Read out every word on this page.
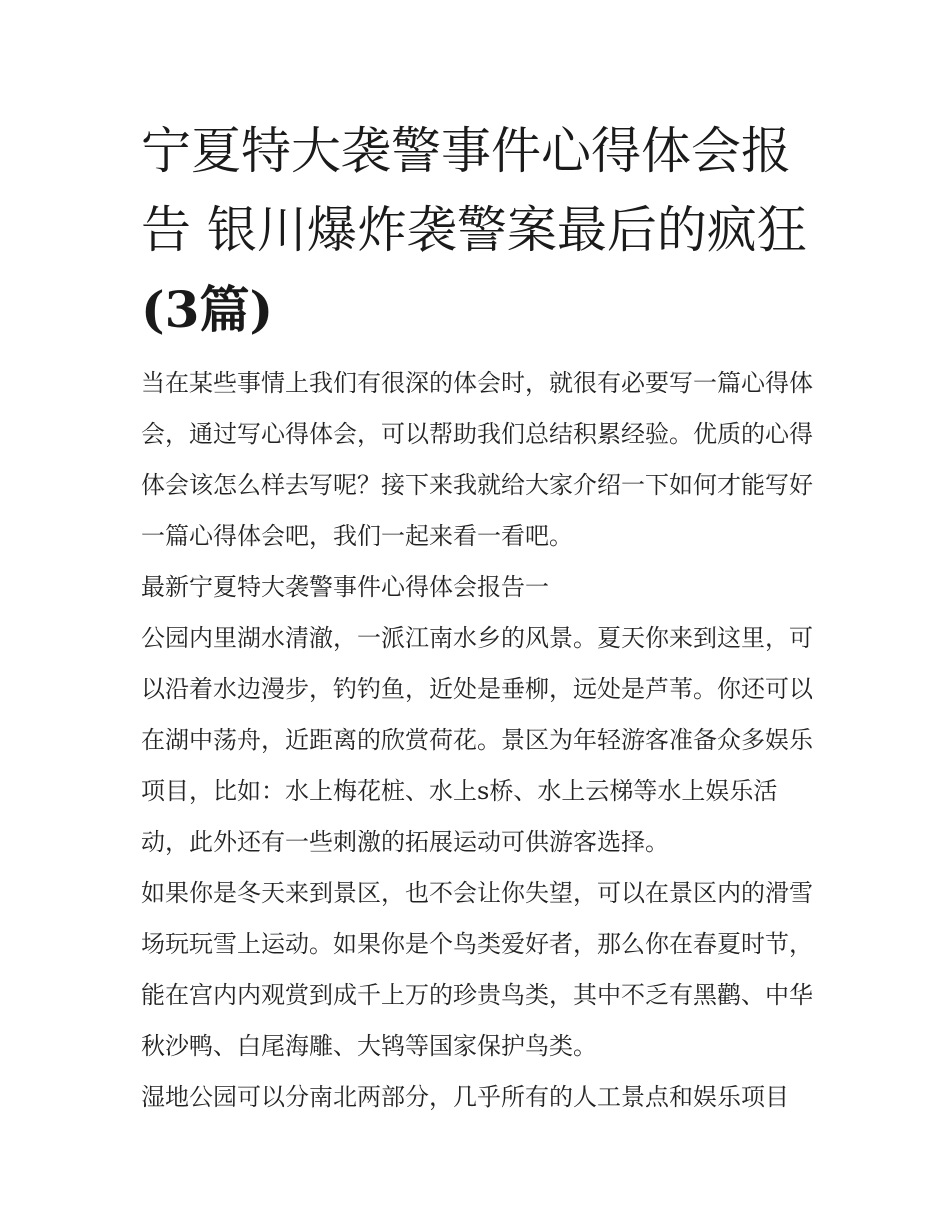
宁夏特大袭警事件心得体会报告 银川爆炸袭警案最后的疯狂(3篇)

当在某些事情上我们有很深的体会时，就很有必要写一篇心得体会，通过写心得体会，可以帮助我们总结积累经验。优质的心得体会该怎么样去写呢？接下来我就给大家介绍一下如何才能写好一篇心得体会吧，我们一起来看一看吧。

最新宁夏特大袭警事件心得体会报告一

公园内里湖水清澈，一派江南水乡的风景。夏天你来到这里，可以沿着水边漫步，钓钓鱼，近处是垂柳，远处是芦苇。你还可以在湖中荡舟，近距离的欣赏荷花。景区为年轻游客准备众多娱乐项目，比如：水上梅花桩、水上s桥、水上云梯等水上娱乐活动，此外还有一些刺激的拓展运动可供游客选择。

如果你是冬天来到景区，也不会让你失望，可以在景区内的滑雪场玩玩雪上运动。如果你是个鸟类爱好者，那么你在春夏时节，能在宫内内观赏到成千上万的珍贵鸟类，其中不乏有黑鹳、中华秋沙鸭、白尾海雕、大鸨等国家保护鸟类。

湿地公园可以分南北两部分，几乎所有的人工景点和娱乐项目
